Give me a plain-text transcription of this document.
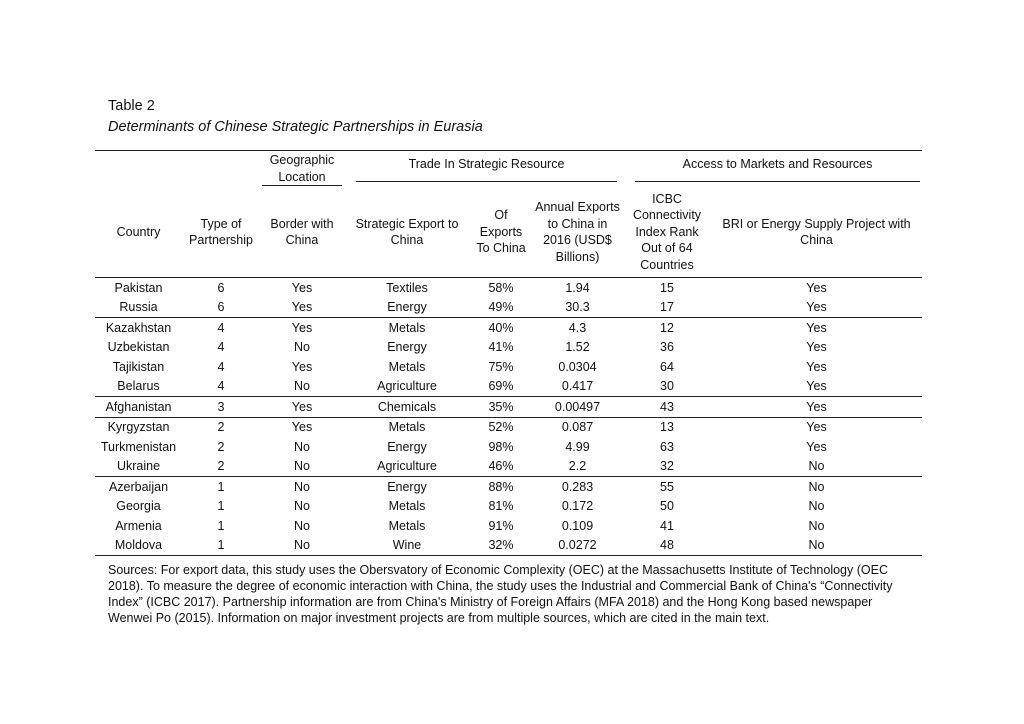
Table 2
Determinants of Chinese Strategic Partnerships in Eurasia

		Geographic Location	Trade In Strategic Resource			Access to Markets and Resources	

Country	Type of Partnership	Border with China	Strategic Export to China	Of Exports To China	Annual Exports to China in 2016 (USD$ Billions)	ICBC Connectivity Index Rank Out of 64 Countries	BRI or Energy Supply Project with China
Pakistan	6	Yes	Textiles	58%	1.94	15	Yes
Russia	6	Yes	Energy	49%	30.3	17	Yes
Kazakhstan	4	Yes	Metals	40%	4.3	12	Yes
Uzbekistan	4	No	Energy	41%	1.52	36	Yes
Tajikistan	4	Yes	Metals	75%	0.0304	64	Yes
Belarus	4	No	Agriculture	69%	0.417	30	Yes
Afghanistan	3	Yes	Chemicals	35%	0.00497	43	Yes
Kyrgyzstan	2	Yes	Metals	52%	0.087	13	Yes
Turkmenistan	2	No	Energy	98%	4.99	63	Yes
Ukraine	2	No	Agriculture	46%	2.2	32	No
Azerbaijan	1	No	Energy	88%	0.283	55	No
Georgia	1	No	Metals	81%	0.172	50	No
Armenia	1	No	Metals	91%	0.109	41	No
Moldova	1	No	Wine	32%	0.0272	48	No

Sources: For export data, this study uses the Obersvatory of Economic Complexity (OEC) at the Massachusetts Institute of Technology (OEC 2018). To measure the degree of economic interaction with China, the study uses the Industrial and Commercial Bank of China's “Connectivity Index” (ICBC 2017). Partnership information are from China's Ministry of Foreign Affairs (MFA 2018) and the Hong Kong based newspaper Wenwei Po (2015). Information on major investment projects are from multiple sources, which are cited in the main text.
